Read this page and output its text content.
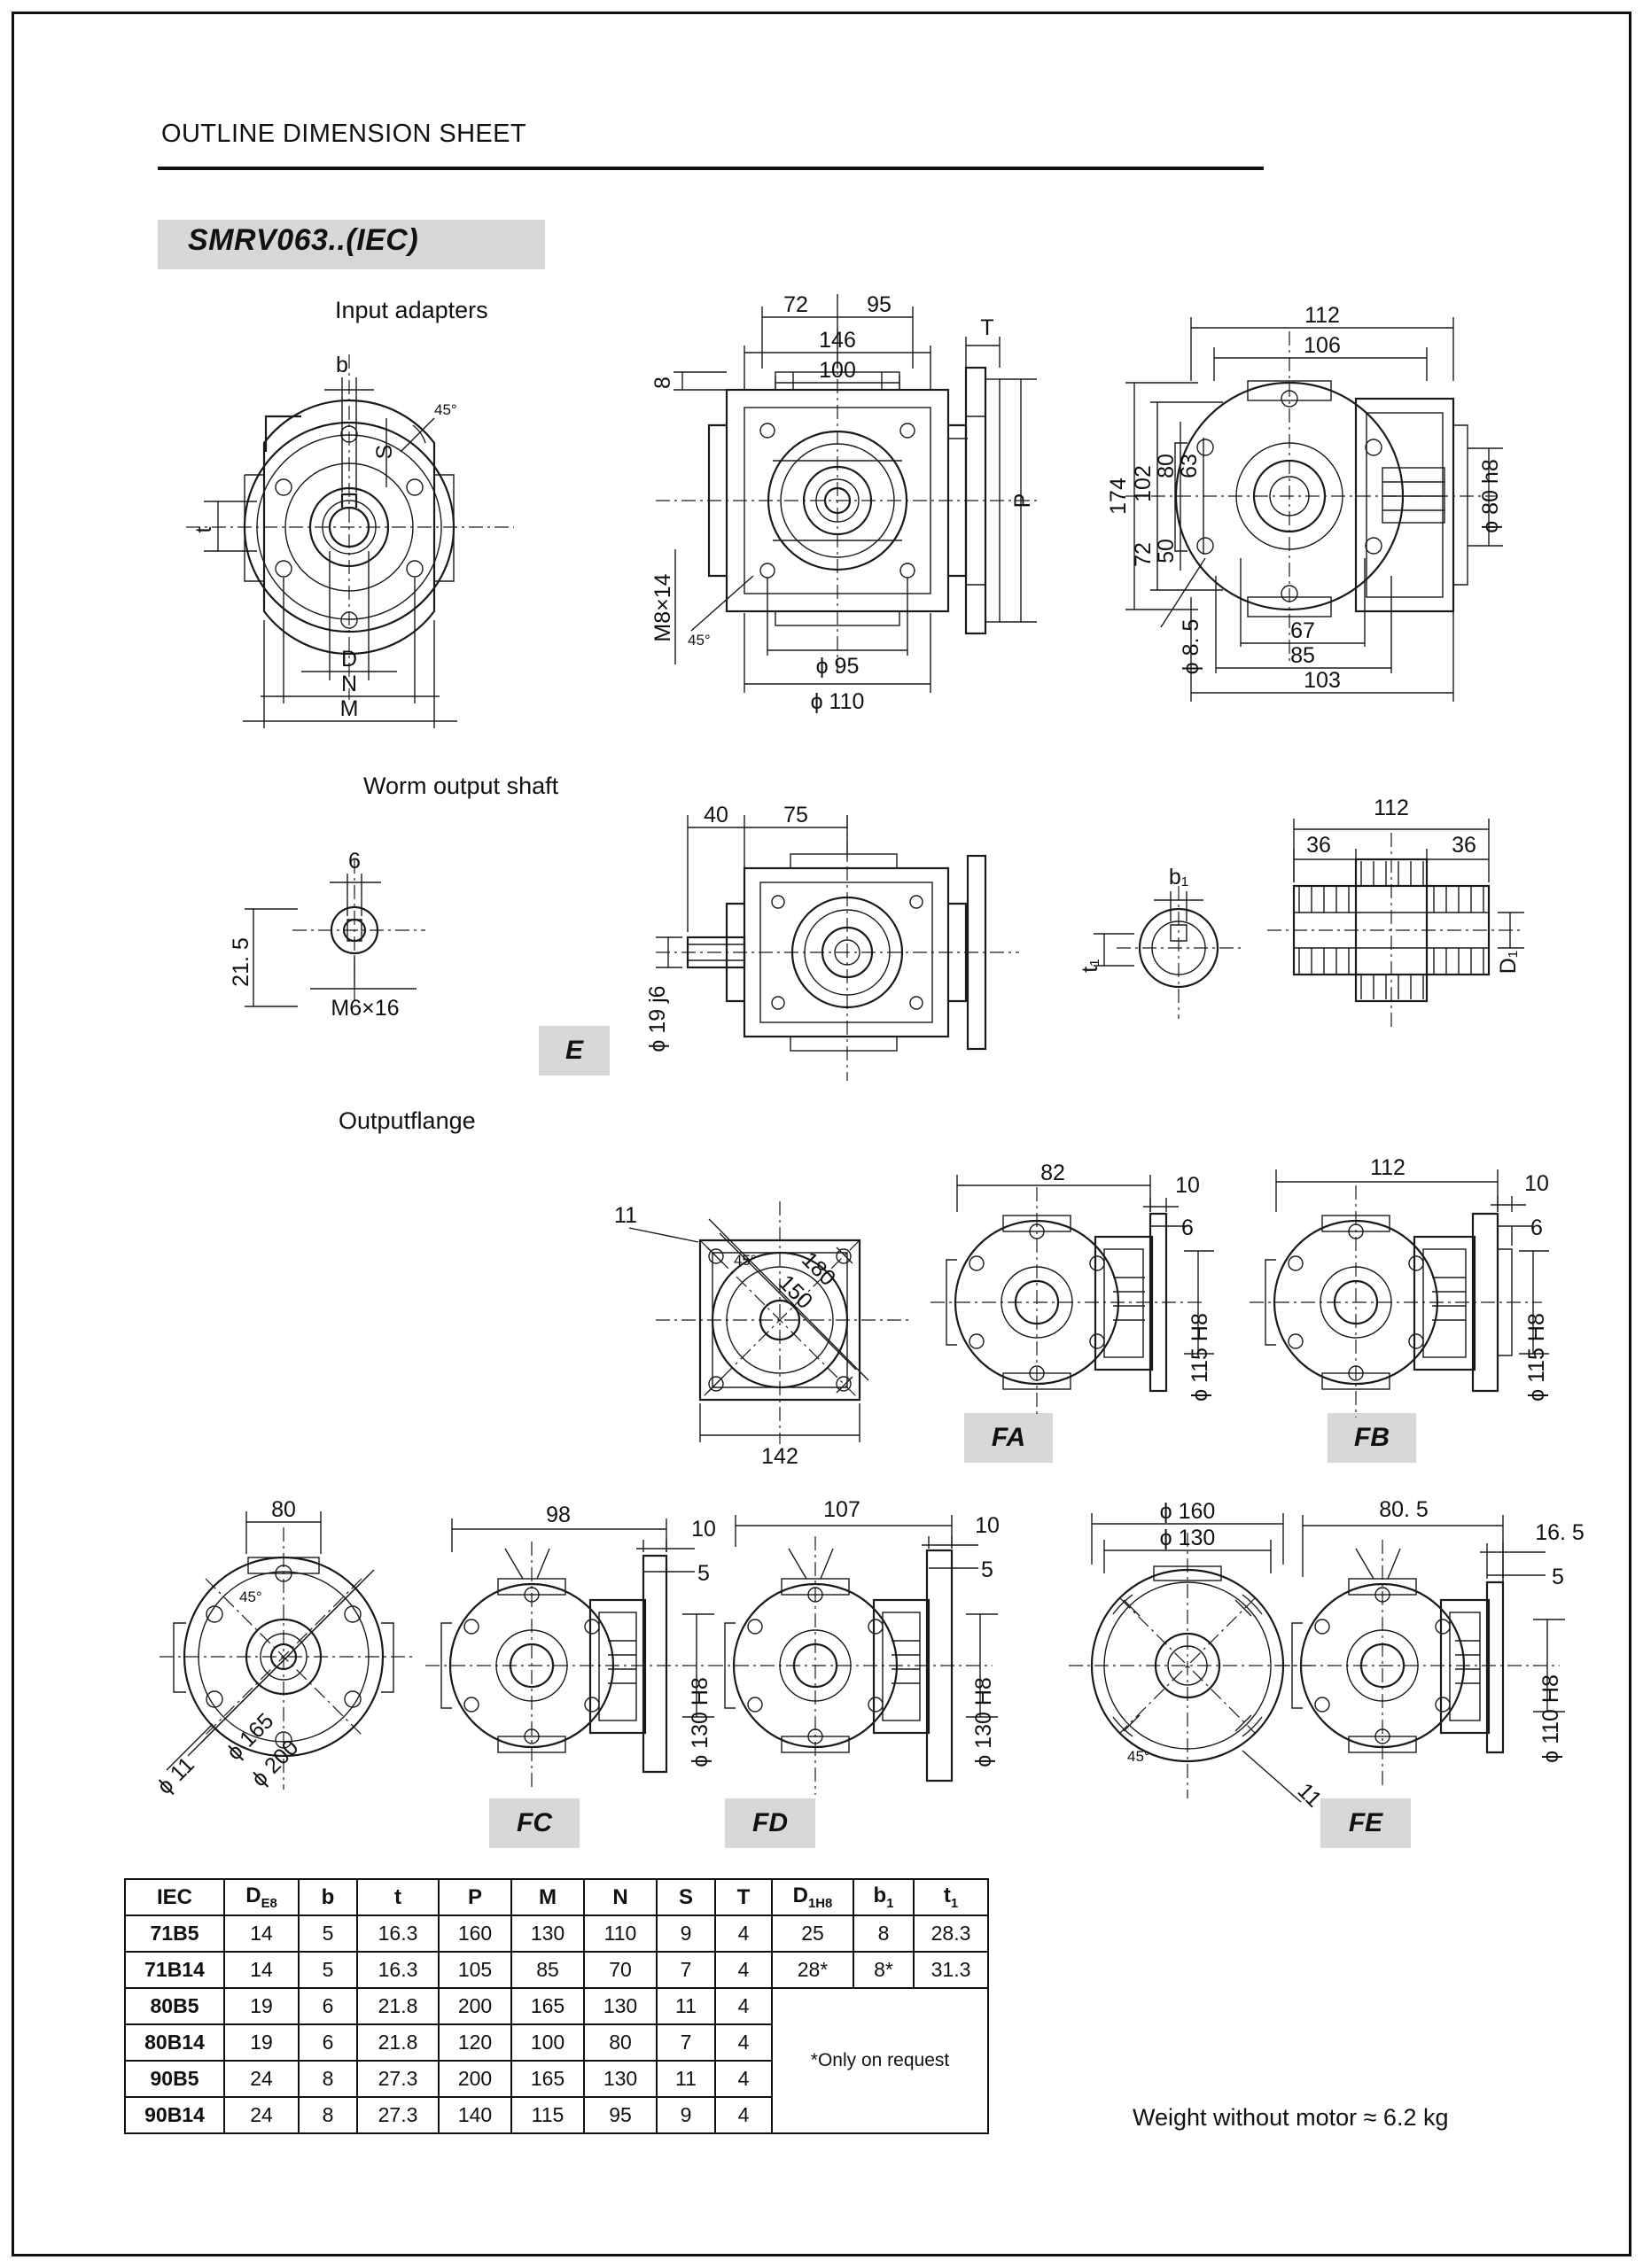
OUTLINE DIMENSION SHEET
SMRV063..(IEC)
Input adapters
Worm output shaft
Outputflange
b
S
t
D
N
M
45°
72	95
146
100
8
T
P
ϕ 95
ϕ 110
M8×14 45°
112
106
174 102
80
63
72
50
ϕ 8. 5	67
85
103
ϕ 80 h8
E
6
21. 5
M6×16
40 75
ϕ 19 j6
b₁
t₁
112
36	36
D₁
FA	FB
11
180
150
142
45°
82	10
6
ϕ 115 H8
112
10
6
ϕ 115 H8
FC	FD	FE
80
ϕ 165
ϕ 200
ϕ 11
45°
98
10
5
ϕ 130 H8
107
10
5
ϕ 130 H8
ϕ 160
ϕ 130
11
45°
80. 5
16. 5
5
ϕ 110 H8
IEC	$D_{E8}$	b	t	P	M	N	S	T	$D_{1H8}$	$b_1$	$t_1$
71B5	14	5	16.3	160	130	110	9	4	25	8	28.3
71B14	14	5	16.3	105	85	70	7	4	28*	8*	31.3
80B5	19	6	21.8	200	165	130	11	4	*Only on request		
80B14	19	6	21.8	120	100	80	7	4			
90B5	24	8	27.3	200	165	130	11	4			
90B14	24	8	27.3	140	115	95	9	4				Weight without motor ≈ 6.2 kg
